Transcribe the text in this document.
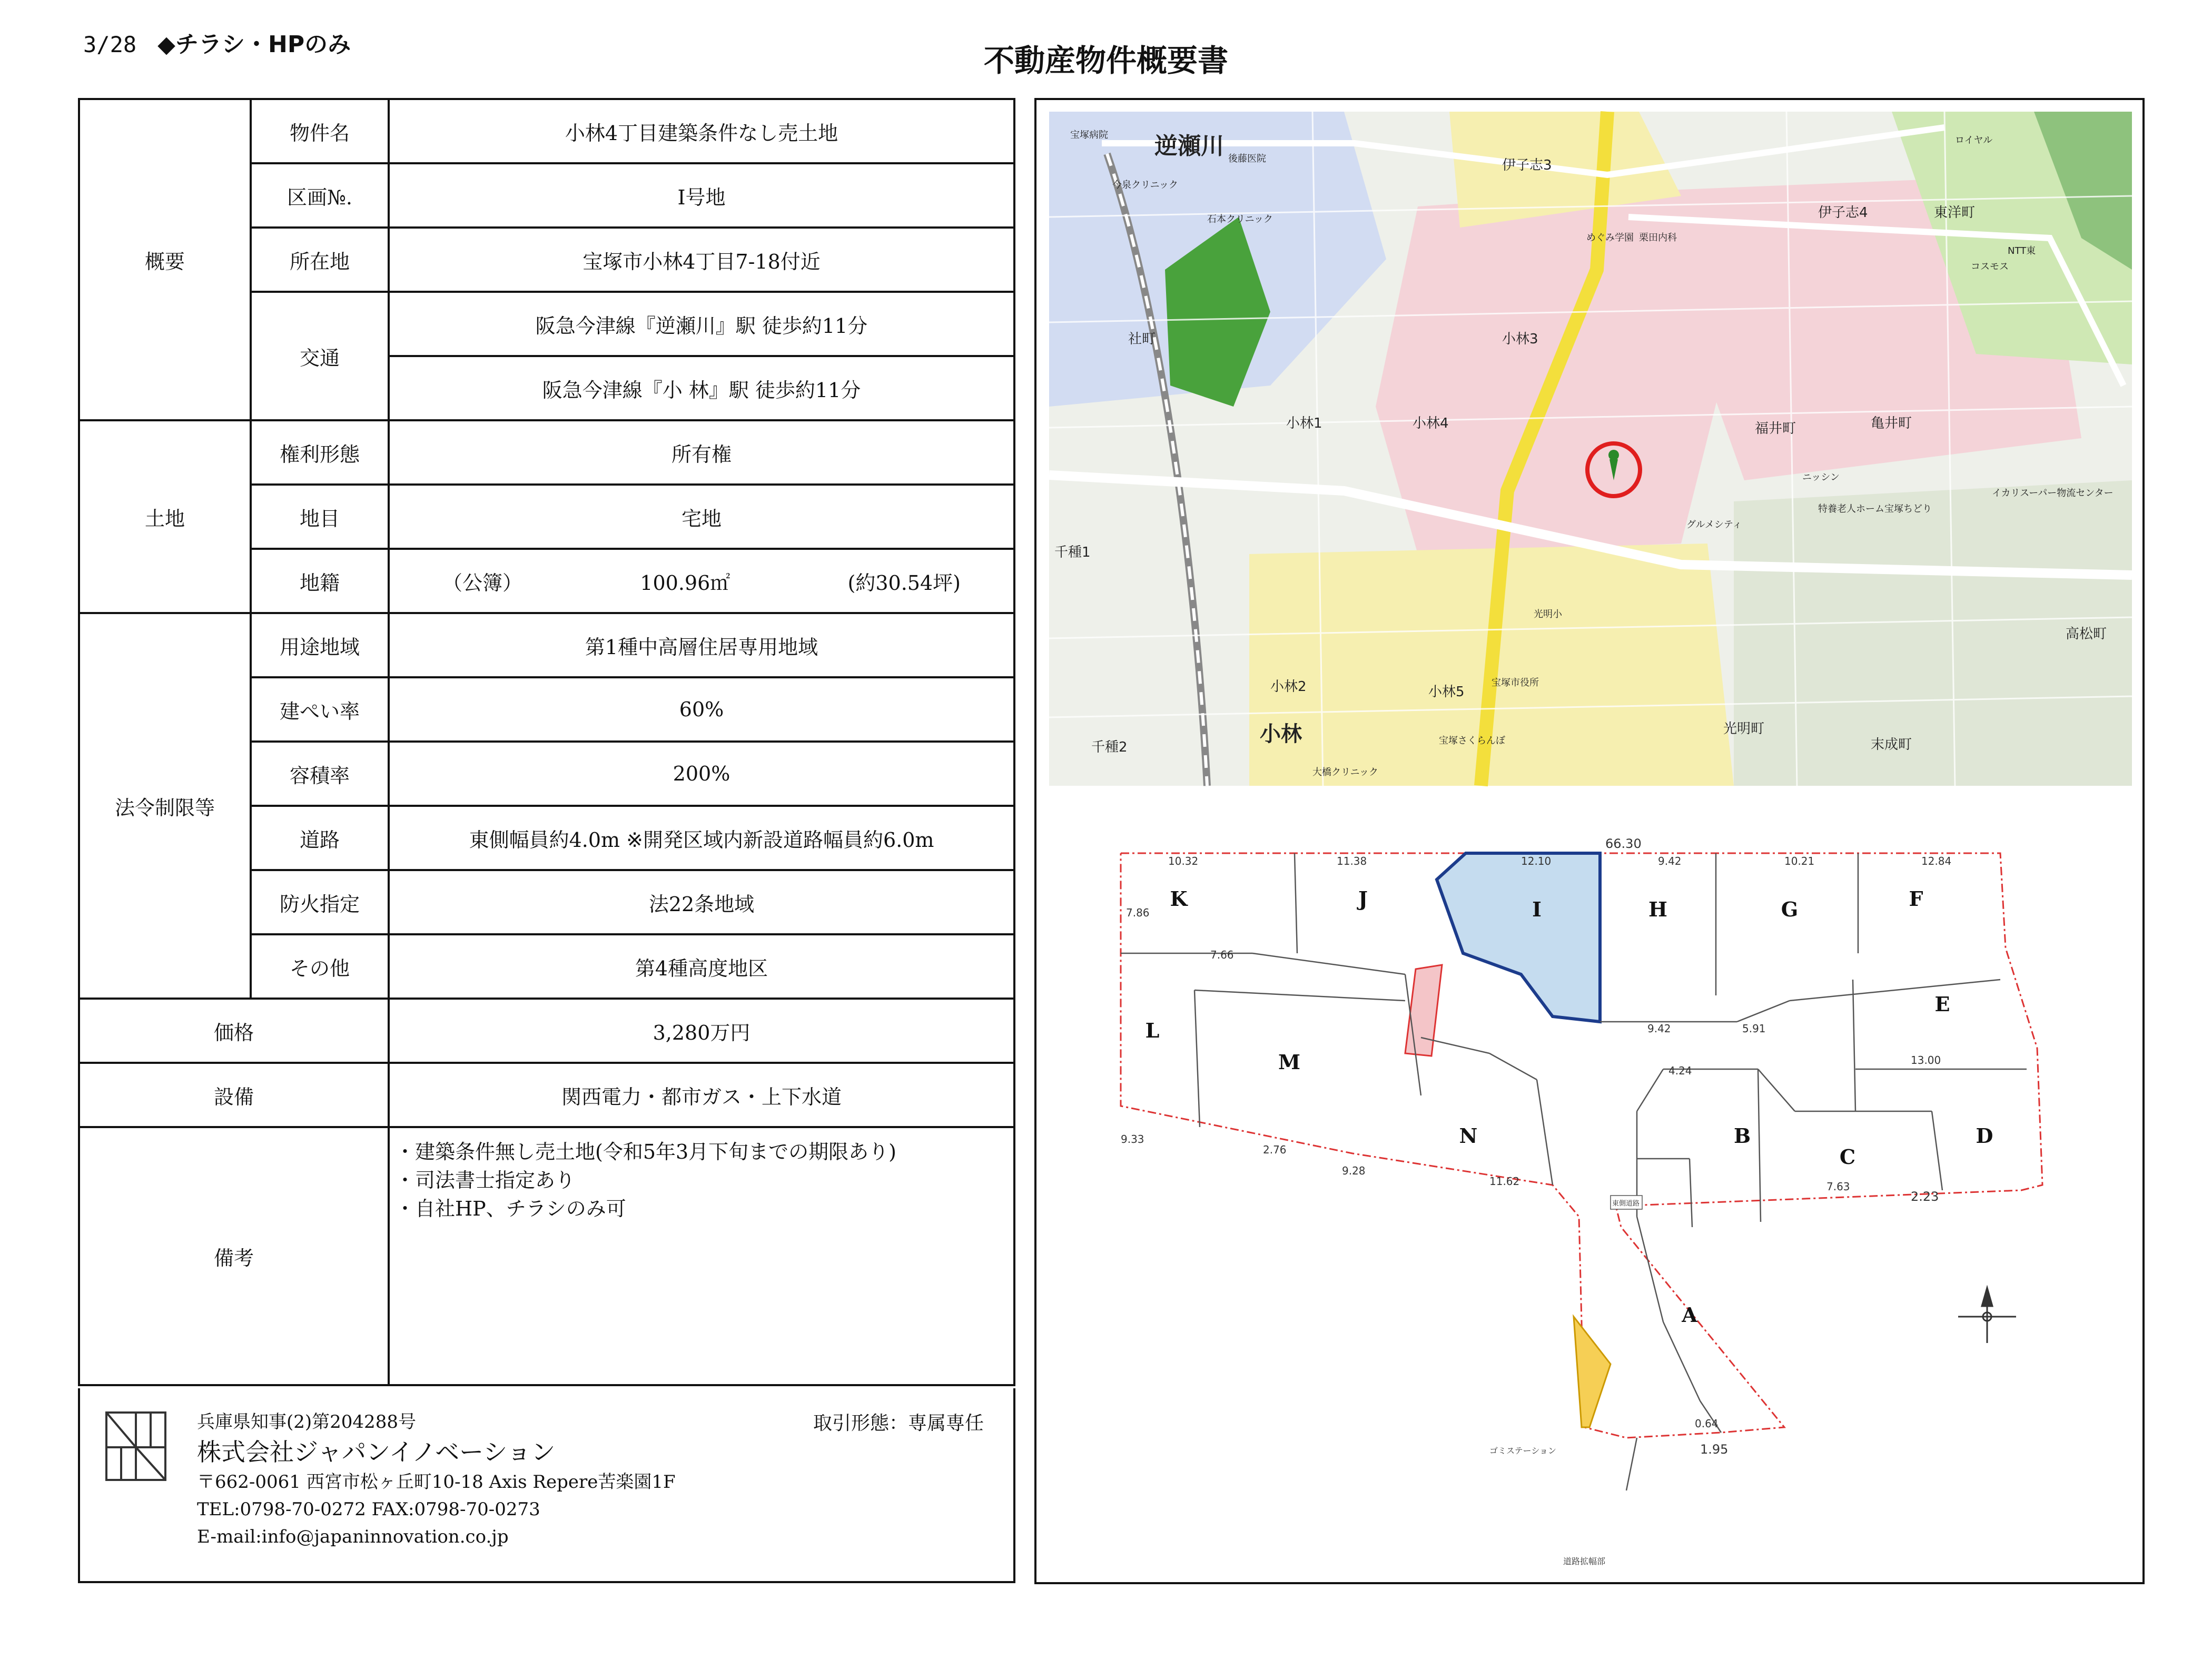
3/28 ◆チラシ・HPのみ	不動産物件概要書
概要	物件名	小林4丁目建築条件なし売土地
	区画№.	I号地
	所在地	宝塚市小林4丁目7-18付近
	交通	阪急今津線『逆瀬川』駅 徒歩約11分
		阪急今津線『小 林』駅 徒歩約11分
土地	権利形態	所有権
	地目	宅地
	地籍	（公簿） 100.96㎡ (約30.54坪)

法令制限等	用途地域	第1種中高層住居専用地域
	建ぺい率	60%
	容積率	200%
	道路	東側幅員約4.0m ※開発区域内新設道路幅員約6.0m
	防火指定	法22条地域
	その他	第4種高度地区
価格		3,280万円
設備		関西電力・都市ガス・上下水道
備考		・建築条件無し売土地(令和5年3月下旬までの期限あり)
・司法書士指定あり
・自社HP、チラシのみ可
兵庫県知事(2)第204288号
株式会社ジャパンイノベーション
〒662-0061 西宮市松ヶ丘町10-18 Axis Repere苦楽園1F
TEL:0798-70-0272 FAX:0798-70-0273
E-mail:info@japaninnovation.co.jp
取引形態：専属専任
逆瀬川
小林
伊子志3
伊子志4
社町
小林1
小林2
小林3
小林4
小林5
福井町	亀井町
千種1
千種2
光明町
末成町
高松町
東洋町
宝塚病院
後藤医院
今泉クリニック
石本クリニック
めぐみ学園 栗田内科
光明小
宝塚市役所
宝塚さくらんぼ
大橋クリニック
ロイヤル
NTT東
コスモス
ニッシン
グルメシティ
特養老人ホーム宝塚ちどり
イカリスーパー物流センター
A
B
C
D
E
F
G
H
I
J
K
L
M
N
66.30
10.32	11.38	12.10	9.42	10.21	12.84
7.86
7.66
9.42	5.91
13.00
4.24
11.62
2.23
7.63
0.64
1.95
9.33
2.76
9.28
東側道路
ゴミステーション
道路拡幅部
